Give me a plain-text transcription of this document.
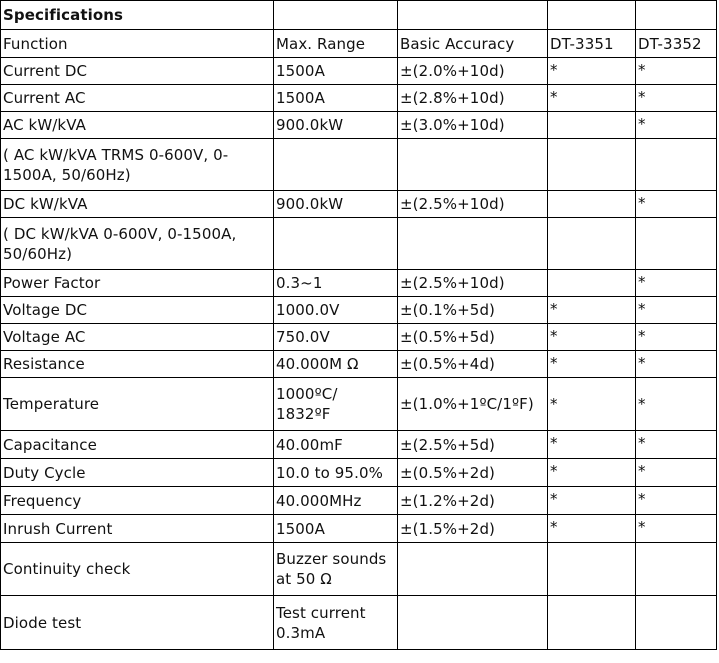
Specifications				
Function	Max. Range	Basic Accuracy	DT-3351	DT-3352
Current DC	1500A	±(2.0%+10d)	*	*

Current AC	1500A	±(2.8%+10d)	*	*

AC kW/kVA	900.0kW	±(3.0%+10d)		*

( AC kW/kVA TRMS 0-600V, 0-1500A, 50/60Hz)			

DC kW/kVA	900.0kW	±(2.5%+10d)		*

( DC kW/kVA 0-600V, 0-1500A, 50/60Hz)			

Power Factor	0.3~1	±(2.5%+10d)		*

Voltage DC	1000.0V	±(0.1%+5d)	*	*

Voltage AC	750.0V	±(0.5%+5d)	*	*

Resistance	40.000M Ω	±(0.5%+4d)	*	*

Temperature	1000ºC/ 1832ºF	±(1.0%+1ºC/1ºF)	*	*
Capacitance	40.00mF	±(2.5%+5d)	*	*

Duty Cycle	10.0 to 95.0%	±(0.5%+2d)	*	*

Frequency	40.000MHz	±(1.2%+2d)	*	*

Inrush Current	1500A	±(1.5%+2d)	*	*

Continuity check	Buzzer sounds at 50 Ω		

Diode test	Test current 0.3mA		
